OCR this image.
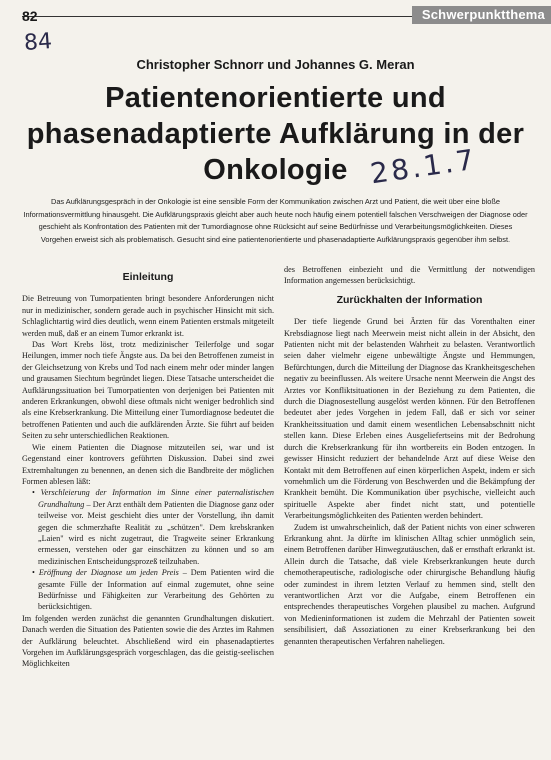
82	Schwerpunktthema
84
Christopher Schnorr und Johannes G. Meran
Patientenorientierte und
phasenadaptierte Aufklärung in der
Onkologie 28.1.7
Das Aufklärungsgespräch in der Onkologie ist eine sensible Form der Kommunikation zwischen Arzt und Patient, die weit über eine bloße Informationsvermittlung hinausgeht. Die Aufklärungspraxis gleicht aber auch heute noch häufig einem potentiell falschen Verschweigen der Diagnose oder geschieht als Konfrontation des Patienten mit der Tumordiagnose ohne Rücksicht auf seine Bedürfnisse und Verarbeitungsmöglichkeiten. Dieses Vorgehen erweist sich als problematisch. Gesucht sind eine patientenorientierte und phasenadaptierte Aufklärungspraxis gegenüber ihm selbst.
Einleitung

Die Betreuung von Tumorpatienten bringt besondere Anforderungen nicht nur in medizinischer, sondern gerade auch in psychischer Hinsicht mit sich. Schlaglichtartig wird dies deutlich, wenn einem Patienten erstmals mitgeteilt werden muß, daß er an einem Tumor erkrankt ist.

Das Wort Krebs löst, trotz medizinischer Teilerfolge und sogar Heilungen, immer noch tiefe Ängste aus. Da bei den Betroffenen zumeist in der Gleichsetzung von Krebs und Tod nach einem mehr oder minder langen und grausamen Siechtum begründet liegen. Diese Tatsache unterscheidet die Aufklärungssituation bei Tumorpatienten von derjenigen bei Patienten mit anderen Erkrankungen, obwohl diese oftmals nicht weniger bedrohlich sind als eine Krebserkrankung. Die Mitteilung einer Tumordiagnose bedeutet die betroffenen Patienten und auch die aufklärenden Ärzte. Sie führt auf beiden Seiten zu sehr unterschiedlichen Reaktionen.

Wie einem Patienten die Diagnose mitzuteilen sei, war und ist Gegenstand einer kontrovers geführten Diskussion. Dabei sind zwei Extremhaltungen zu benennen, an denen sich die Bandbreite der möglichen Formen ablesen läßt:

• Verschleierung der Information im Sinne einer paternalistischen Grundhaltung – Der Arzt enthält dem Patienten die Diagnose ganz oder teilweise vor. Meist geschieht dies unter der Vorstellung, ihn damit gegen die schmerzhafte Realität zu „schützen". Dem krebskranken „Laien" wird es nicht zugetraut, die Tragweite seiner Erkrankung ermessen, verstehen oder gar einschätzen zu können und so am medizinischen Entscheidungsprozeß teilzuhaben.
• Eröffnung der Diagnose um jeden Preis – Dem Patienten wird die gesamte Fülle der Information auf einmal zugemutet, ohne seine Bedürfnisse und Fähigkeiten zur Verarbeitung des Gehörten zu berücksichtigen.

Im folgenden werden zunächst die genannten Grundhaltungen diskutiert. Danach werden die Situation des Patienten sowie die des Arztes im Rahmen der Aufklärung beleuchtet. Abschließend wird ein phasenadaptiertes Vorgehen im Aufklärungsgespräch vorgeschlagen, das die geistig-seelischen Möglichkeiten

des Betroffenen einbezieht und die Vermittlung der notwendigen Information angemessen berücksichtigt.

Zurückhalten der Information

Der tiefe liegende Grund bei Ärzten für das Vorenthalten einer Krebsdiagnose liegt nach Meerwein meist nicht allein in der Absicht, den Patienten nicht mit der belastenden Wahrheit zu belasten. Verantwortlich seien daher vielmehr eigene unbewältigte Ängste und Hemmungen, Befürchtungen, durch die Mitteilung der Diagnose das Krankheitsgeschehen negativ zu beeinflussen. Als weitere Ursache nennt Meerwein die Angst des Arztes vor Konfliktsituationen in der Beziehung zu dem Patienten, die durch die Diagnosestellung ausgelöst werden können. Für den Betroffenen bedeutet aber jedes Vorgehen in jedem Fall, daß er sich vor seiner Krankheitssituation und damit einem wesentlichen Lebensabschnitt nicht stellen kann. Diese Erleben eines Ausgeliefertseins mit der Bedrohung durch die Krebserkrankung für ihn wortbereits ein Boden entzogen. In gewisser Hinsicht reduziert der behandelnde Arzt auf diese Weise den Kontakt mit dem Betroffenen auf einen körperlichen Aspekt, indem er sich vornehmlich um die Förderung von Beschwerden und die Bekämpfung der Krankheit bemüht. Die Kommunikation über psychische, vielleicht auch spirituelle Aspekte aber findet nicht statt, und potentielle Verarbeitungsmöglichkeiten des Patienten werden behindert.

Zudem ist unwahrscheinlich, daß der Patient nichts von einer schweren Erkrankung ahnt. Ja dürfte im klinischen Alltag schier unmöglich sein, einem Betroffenen darüber Hinwegzutäuschen, daß er ernsthaft erkrankt ist. Allein durch die Tatsache, daß viele Krebserkrankungen heute durch chemotherapeutische, radiologische oder chirurgische Behandlung häufig oder zumindest in ihrem letzten Verlauf zu hemmen sind, stellt den verantwortlichen Arzt vor die Aufgabe, einem Betroffenen ein entsprechendes therapeutisches Vorgehen plausibel zu machen. Aufgrund von Medieninformationen ist zudem die Mehrzahl der Patienten soweit sensibilisiert, daß Assoziationen zu einer Krebserkrankung bei den genannten therapeutischen Verfahren naheliegen.
